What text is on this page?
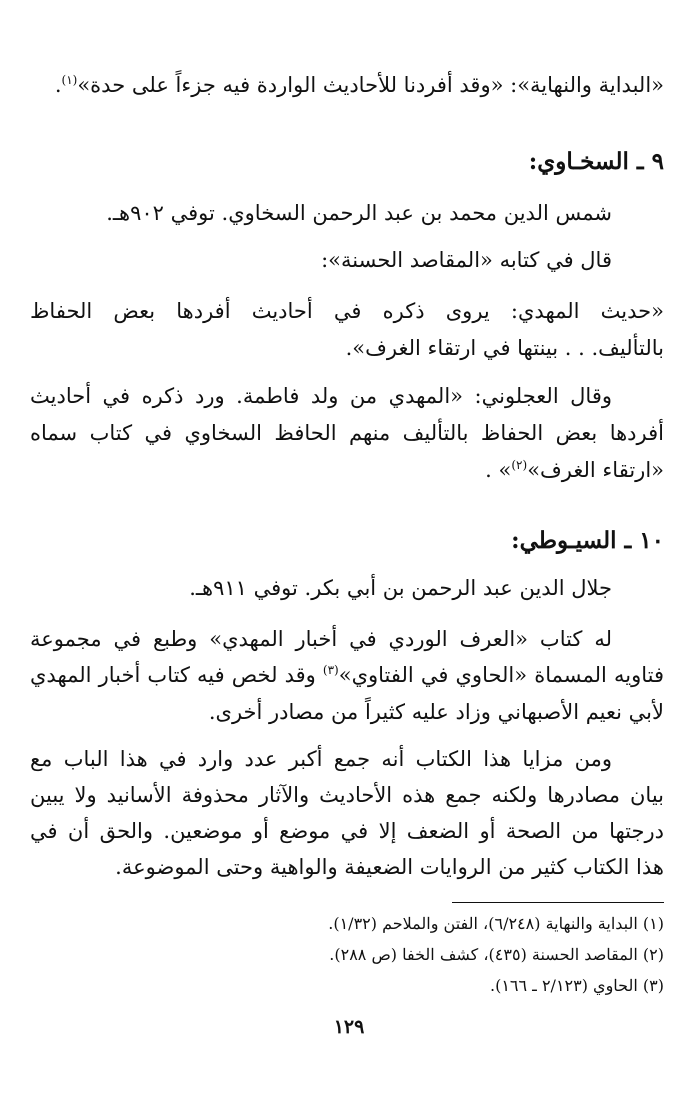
«البداية والنهاية»: «وقد أفردنا للأحاديث الواردة فيه جزءاً على حدة»$^{(١)}$.
٩ ـ السخـاوي:
شمس الدين محمد بن عبد الرحمن السخاوي. توفي ٩٠٢هـ.
قال في كتابه «المقاصد الحسنة»:
«حديث المهدي: يروى ذكره في أحاديث أفردها بعض الحفاظ
بالتأليف. . . بينتها في ارتقاء الغرف».
وقال العجلوني: «المهدي من ولد فاطمة. ورد ذكره في أحاديث
أفردها بعض الحفاظ بالتأليف منهم الحافظ السخاوي في كتاب سماه
«ارتقاء الغرف»$^{(٢)}$» .
١٠ ـ السيـوطي:
جلال الدين عبد الرحمن بن أبي بكر. توفي ٩١١هـ.
له كتاب «العرف الوردي في أخبار المهدي» وطبع في مجموعة
فتاويه المسماة «الحاوي في الفتاوي»$^{(٣)}$ وقد لخص فيه كتاب أخبار المهدي
لأبي نعيم الأصبهاني وزاد عليه كثيراً من مصادر أخرى.
ومن مزايا هذا الكتاب أنه جمع أكبر عدد وارد في هذا الباب مع
بيان مصادرها ولكنه جمع هذه الأحاديث والآثار محذوفة الأسانيد ولا يبين
درجتها من الصحة أو الضعف إلا في موضع أو موضعين. والحق أن في
هذا الكتاب كثير من الروايات الضعيفة والواهية وحتى الموضوعة.
(١) البداية والنهاية (٦/٢٤٨)، الفتن والملاحم (١/٣٢).
(٢) المقاصد الحسنة (٤٣٥)، كشف الخفا (ص ٢٨٨).
(٣) الحاوي (٢/١٢٣ ـ ١٦٦).
١٢٩
